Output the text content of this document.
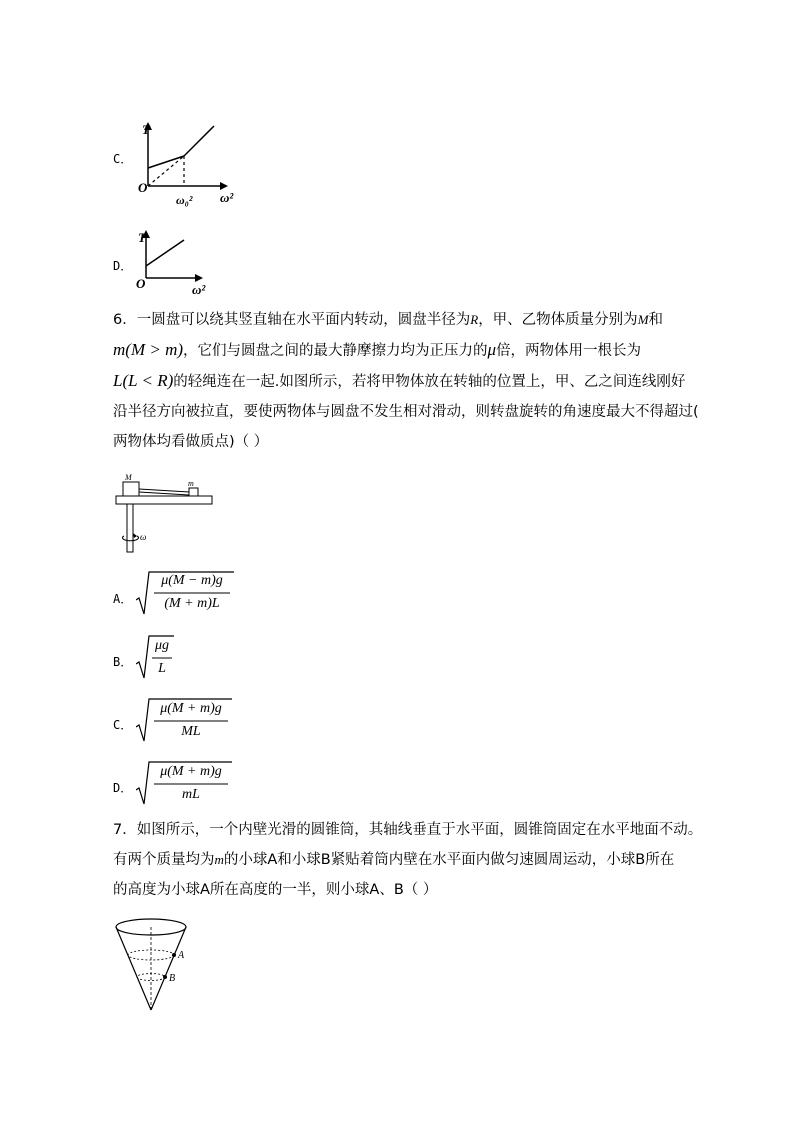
C．
T
O
ω₀² ω²
D．
T
O	ω²
6．一圆盘可以绕其竖直轴在水平面内转动，圆盘半径为R，甲、乙物体质量分别为M和
m(M > m)，它们与圆盘之间的最大静摩擦力均为正压力的μ倍，两物体用一根长为
L(L < R)的轻绳连在一起.如图所示，若将甲物体放在转轴的位置上，甲、乙之间连线刚好
沿半径方向被拉直，要使两物体与圆盘不发生相对滑动，则转盘旋转的角速度最大不得超过(
两物体均看做质点)（ ）
M
m
ω
A．
μ(M − m)g
(M + m)L
B．
μg
L
C．
μ(M + m)g
ML
D．
μ(M + m)g
mL
7．如图所示，一个内壁光滑的圆锥筒，其轴线垂直于水平面，圆锥筒固定在水平地面不动。
有两个质量均为m的小球A和小球B紧贴着筒内壁在水平面内做匀速圆周运动，小球B所在
的高度为小球A所在高度的一半，则小球A、B（ ）
A
B
